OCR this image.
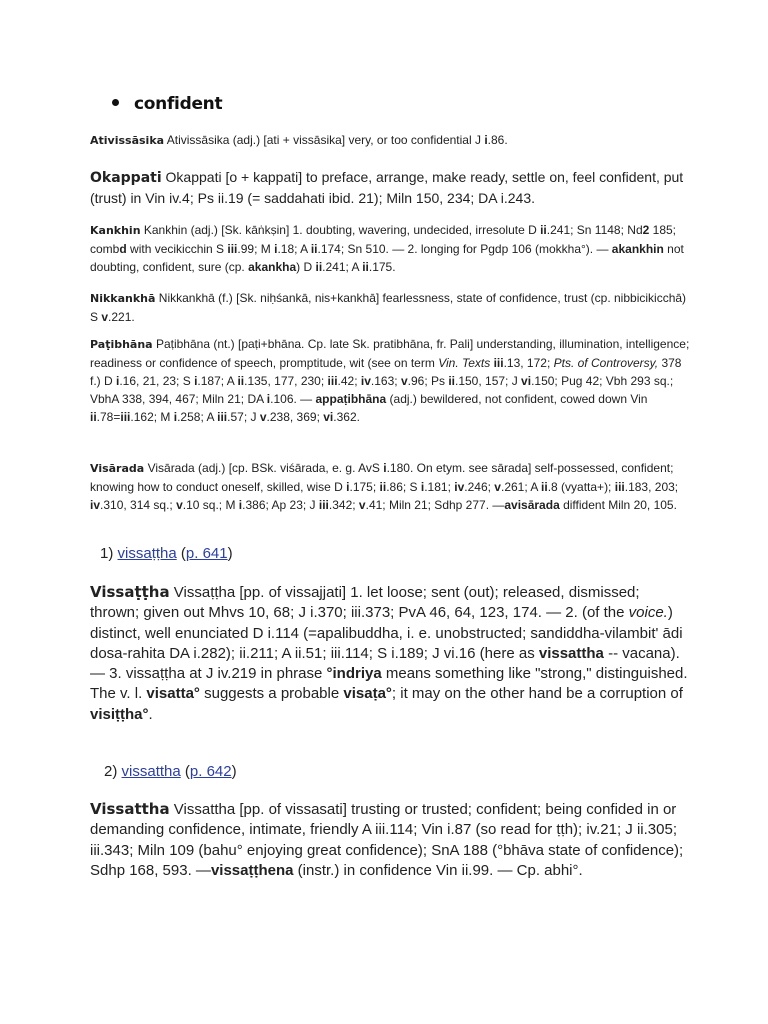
confident
Ativissāsika Ativissāsika (adj.) [ati + vissāsika] very, or too confidential J i.86.
Okappati Okappati [o + kappati] to preface, arrange, make ready, settle on, feel confident, put (trust) in Vin iv.4; Ps ii.19 (= saddahati ibid. 21); Miln 150, 234; DA i.243.
Kankhin Kankhin (adj.) [Sk. kāṅkṣin] 1. doubting, wavering, undecided, irresolute D ii.241; Sn 1148; Nd2 185; combd with vecikicchin S iii.99; M i.18; A ii.174; Sn 510. — 2. longing for Pgdp 106 (mokkha°). — akankhin not doubting, confident, sure (cp. akankha) D ii.241; A ii.175.
Nikkankhā Nikkankhā (f.) [Sk. niḥśankā, nis+kankhā] fearlessness, state of confidence, trust (cp. nibbicikicchā) S v.221.
Paṭibhāna Paṭibhāna (nt.) [paṭi+bhāna. Cp. late Sk. pratibhāna, fr. Pali] understanding, illumination, intelligence; readiness or confidence of speech, promptitude, wit (see on term Vin. Texts iii.13, 172; Pts. of Controversy, 378 f.) D i.16, 21, 23; S i.187; A ii.135, 177, 230; iii.42; iv.163; v.96; Ps ii.150, 157; J vi.150; Pug 42; Vbh 293 sq.; VbhA 338, 394, 467; Miln 21; DA i.106. — appaṭibhāna (adj.) bewildered, not confident, cowed down Vin ii.78=iii.162; M i.258; A iii.57; J v.238, 369; vi.362.
Visārada Visārada (adj.) [cp. BSk. viśārada, e. g. AvS i.180. On etym. see sārada] self-possessed, confident; knowing how to conduct oneself, skilled, wise D i.175; ii.86; S i.181; iv.246; v.261; A ii.8 (vyatta+); iii.183, 203; iv.310, 314 sq.; v.10 sq.; M i.386; Ap 23; J iii.342; v.41; Miln 21; Sdhp 277. —avisārada diffident Miln 20, 105.
1) vissaṭṭha (p. 641)
Vissaṭṭha Vissaṭṭha [pp. of vissajjati] 1. let loose; sent (out); released, dismissed; thrown; given out Mhvs 10, 68; J i.370; iii.373; PvA 46, 64, 123, 174. — 2. (of the voice.) distinct, well enunciated D i.114 (=apalibuddha, i. e. unobstructed; sandiddha-vilambit' ādi dosa-rahita DA i.282); ii.211; A ii.51; iii.114; S i.189; J vi.16 (here as vissattha -- vacana). — 3. vissaṭṭha at J iv.219 in phrase °indriya means something like "strong," distinguished. The v. l. visatta° suggests a probable visaṭa°; it may on the other hand be a corruption of visiṭṭha°.
2) vissattha (p. 642)
Vissattha Vissattha [pp. of vissasati] trusting or trusted; confident; being confided in or demanding confidence, intimate, friendly A iii.114; Vin i.87 (so read for ṭṭh); iv.21; J ii.305; iii.343; Miln 109 (bahu° enjoying great confidence); SnA 188 (°bhāva state of confidence); Sdhp 168, 593. —vissaṭṭhena (instr.) in confidence Vin ii.99. — Cp. abhi°.
